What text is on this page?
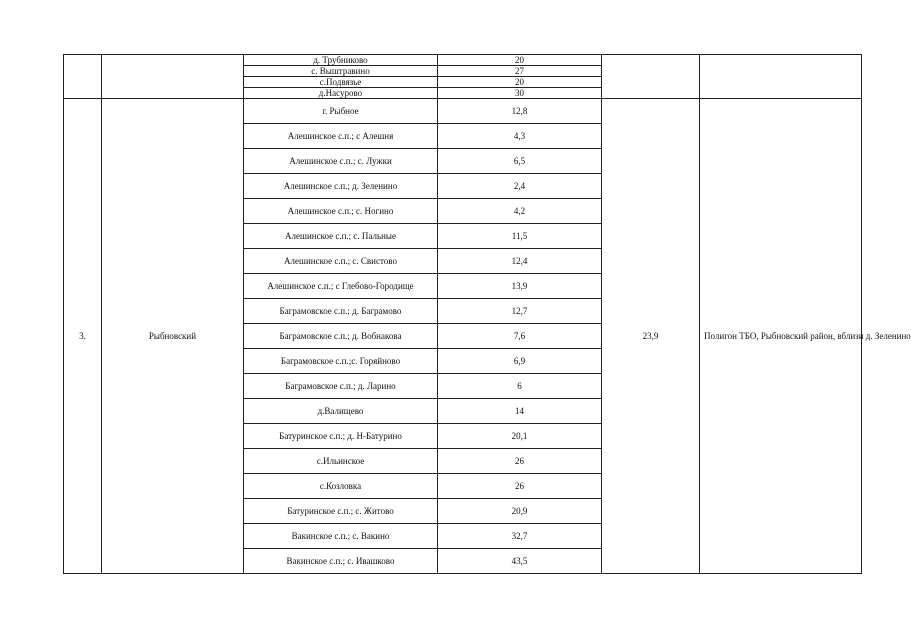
		д. Трубниково	20		
		с. Выштравино	27		
		с.Подвязье	20		
		д.Насурово	30		
3.	Рыбновский	г. Рыбное	12,8	23,9	Полигон ТБО, Рыбновский район, вблизи д. Зеленино
		Алешинское с.п.; с Алешня	4,3		
		Алешинское с.п.; с. Лужки	6,5		
		Алешинское с.п.; д. Зеленино	2,4		
		Алешинское с.п.; с. Ногино	4,2		
		Алешинское с.п.; с. Пальные	11,5		
		Алешинское с.п.; с. Свистово	12,4		
		Алешинское с.п.; с Глебово-Городище	13,9		
		Баграмовское с.п.; д. Баграмово	12,7		
		Баграмовское с.п.; д. Вобнакова	7,6		
		Баграмовское с.п.;с. Горяйново	6,9		
		Баграмовское с.п.; д. Ларино	6		
		д.Валищево	14		
		Батуринское с.п.; д. Н-Батурино	20,1		
		с.Ильинское	26		
		с.Козловка	26		
		Батуринское с.п.; с. Житово	20,9		
		Вакинское с.п.; с. Вакино	32,7		
		Вакинское с.п.; с. Ивашково	43,5		
